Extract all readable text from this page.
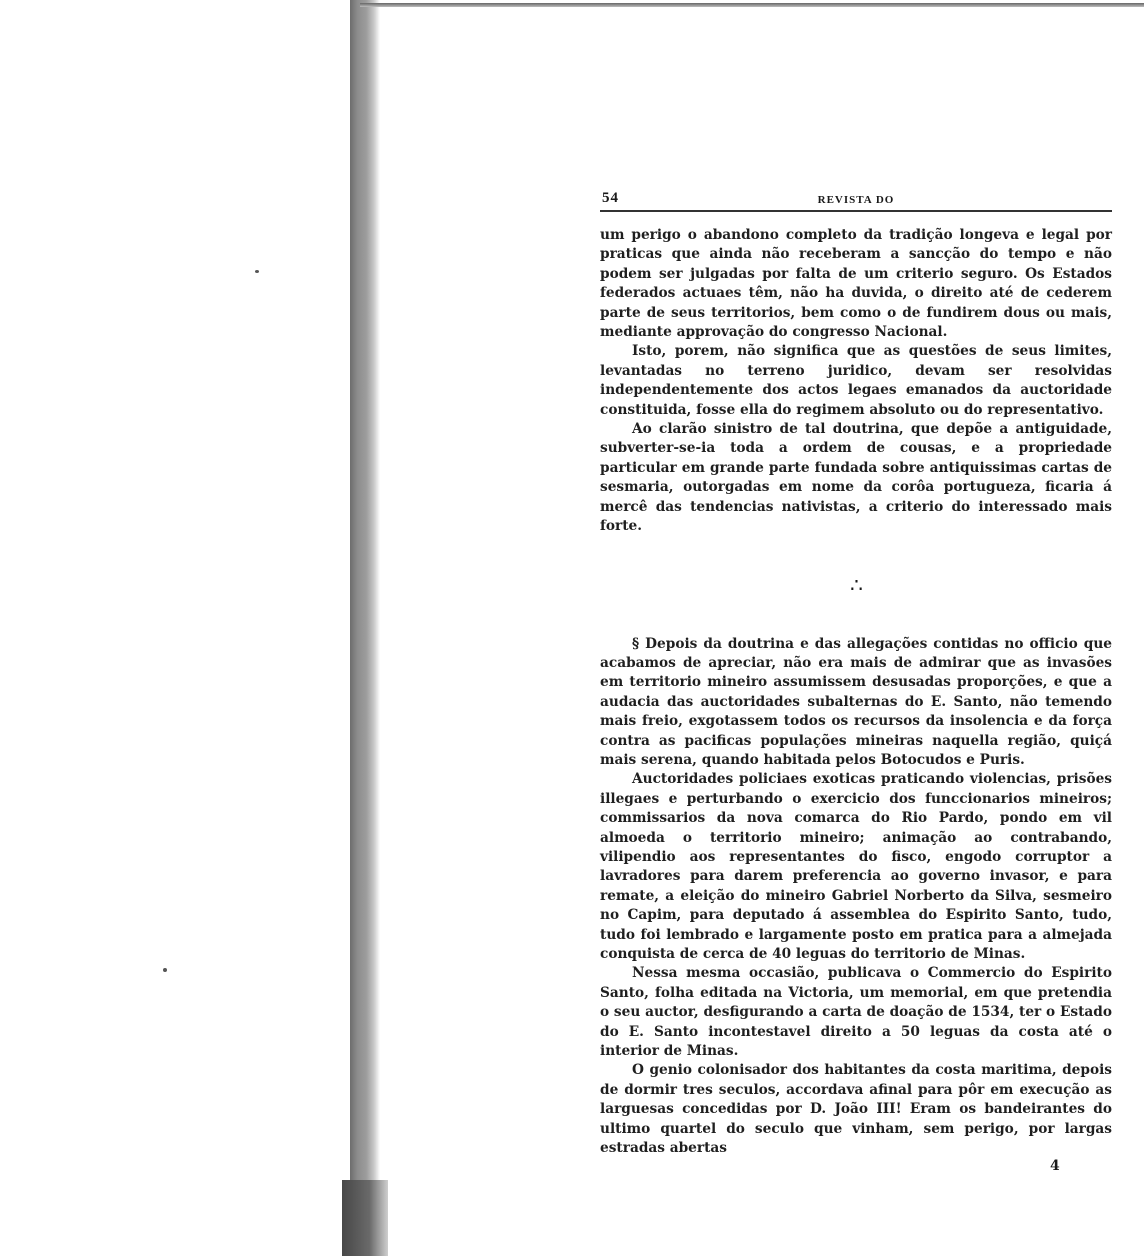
54	REVISTA DO

um perigo o abandono completo da tradição longeva e legal por praticas que ainda não receberam a sancção do tempo e não podem ser julgadas por falta de um criterio seguro. Os Estados federados actuaes têm, não ha duvida, o direito até de cederem parte de seus territorios, bem como o de fundirem dous ou mais, mediante approvação do congresso Nacional.

Isto, porem, não significa que as questões de seus limites, levantadas no terreno juridico, devam ser resolvidas independentemente dos actos legaes emanados da auctoridade constituida, fosse ella do regimem absoluto ou do representativo.

Ao clarão sinistro de tal doutrina, que depõe a antiguidade, subverter-se-ia toda a ordem de cousas, e a propriedade particular em grande parte fundada sobre antiquissimas cartas de sesmaria, outorgadas em nome da corôa portugueza, ficaria á mercê das tendencias nativistas, a criterio do interessado mais forte.

∴

§ Depois da doutrina e das allegações contidas no officio que acabamos de apreciar, não era mais de admirar que as invasões em territorio mineiro assumissem desusadas proporções, e que a audacia das auctoridades subalternas do E. Santo, não temendo mais freio, exgotassem todos os recursos da insolencia e da força contra as pacificas populações mineiras naquella região, quiçá mais serena, quando habitada pelos Botocudos e Puris.

Auctoridades policiaes exoticas praticando violencias, prisões illegaes e perturbando o exercicio dos funccionarios mineiros; commissarios da nova comarca do Rio Pardo, pondo em vil almoeda o territorio mineiro; animação ao contrabando, vilipendio aos representantes do fisco, engodo corruptor a lavradores para darem preferencia ao governo invasor, e para remate, a eleição do mineiro Gabriel Norberto da Silva, sesmeiro no Capim, para deputado á assemblea do Espirito Santo, tudo, tudo foi lembrado e largamente posto em pratica para a almejada conquista de cerca de 40 leguas do territorio de Minas.

Nessa mesma occasião, publicava o Commercio do Espirito Santo, folha editada na Victoria, um memorial, em que pretendia o seu auctor, desfigurando a carta de doação de 1534, ter o Estado do E. Santo incontestavel direito a 50 leguas da costa até o interior de Minas.

O genio colonisador dos habitantes da costa maritima, depois de dormir tres seculos, accordava afinal para pôr em execução as larguesas concedidas por D. João III! Eram os bandeirantes do ultimo quartel do seculo que vinham, sem perigo, por largas estradas abertas

4
